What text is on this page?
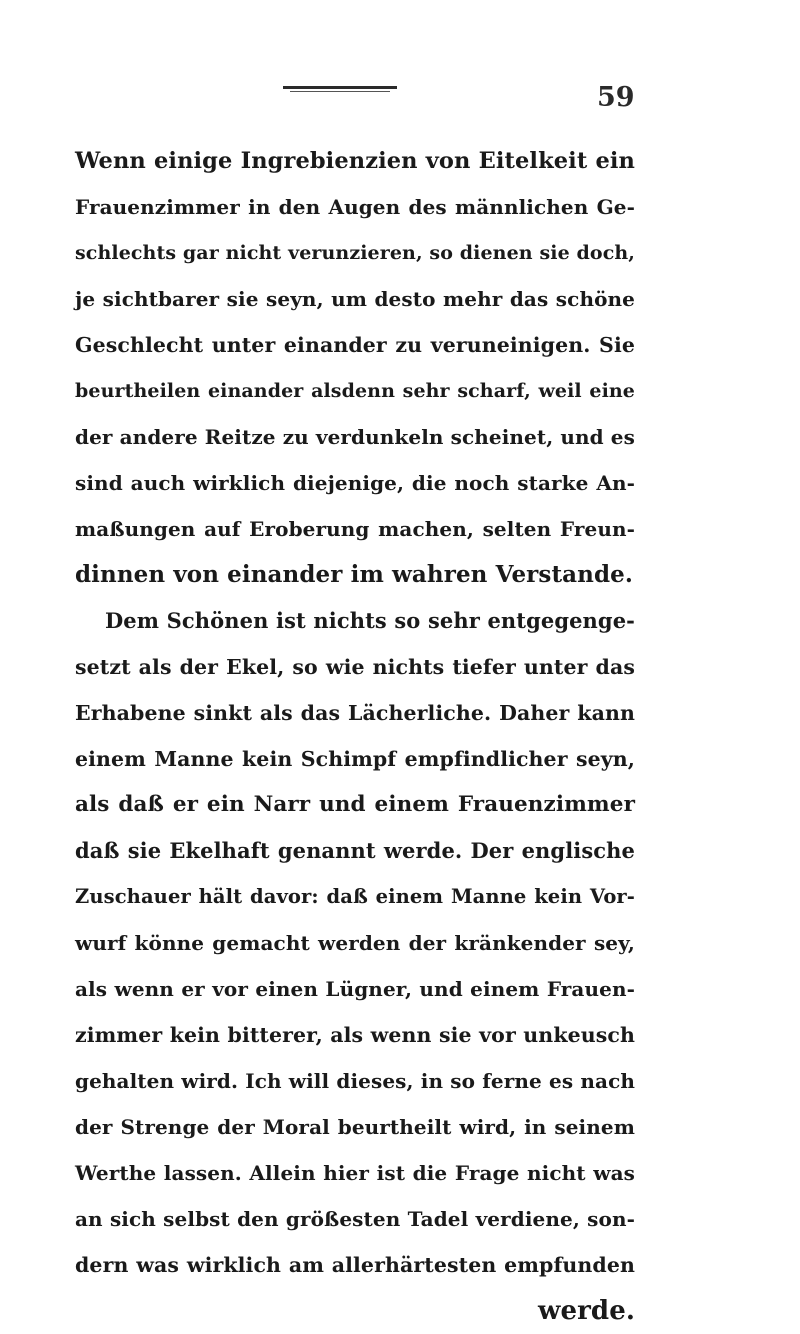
59
Wenn einige Ingrebienzien von Eitelkeit ein
Frauenzimmer in den Augen des männlichen Ge-
schlechts gar nicht verunzieren, so dienen sie doch,
je sichtbarer sie seyn, um desto mehr das schöne
Geschlecht unter einander zu veruneinigen. Sie
beurtheilen einander alsdenn sehr scharf, weil eine
der andere Reitze zu verdunkeln scheinet, und es
sind auch wirklich diejenige, die noch starke An-
maßungen auf Eroberung machen, selten Freun-
dinnen von einander im wahren Verstande.
Dem Schönen ist nichts so sehr entgegenge-
setzt als der Ekel, so wie nichts tiefer unter das
Erhabene sinkt als das Lächerliche. Daher kann
einem Manne kein Schimpf empfindlicher seyn,
als daß er ein Narr und einem Frauenzimmer
daß sie Ekelhaft genannt werde. Der englische
Zuschauer hält davor: daß einem Manne kein Vor-
wurf könne gemacht werden der kränkender sey,
als wenn er vor einen Lügner, und einem Frauen-
zimmer kein bitterer, als wenn sie vor unkeusch
gehalten wird. Ich will dieses, in so ferne es nach
der Strenge der Moral beurtheilt wird, in seinem
Werthe lassen. Allein hier ist die Frage nicht was
an sich selbst den größesten Tadel verdiene, son-
dern was wirklich am allerhärtesten empfunden
werde.
